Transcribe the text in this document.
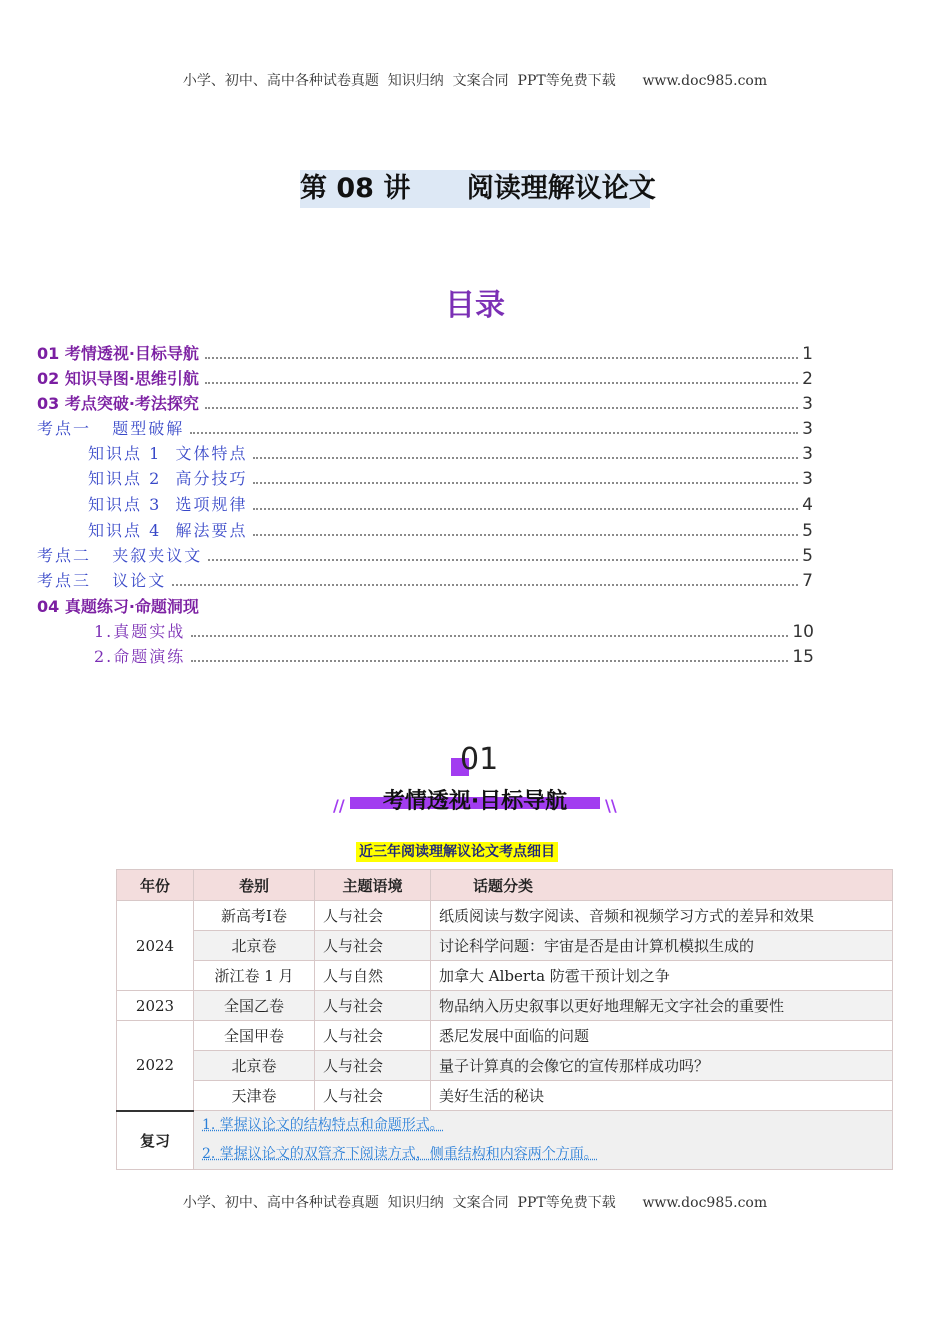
小学、初中、高中各种试卷真题  知识归纳  文案合同  PPT等免费下载      www.doc985.com
第 08 讲      阅读理解议论文
目录
01 考情透视·目标导航	1
02 知识导图·思维引航	2
03 考点突破·考法探究	3
考点一   题型破解	3
知识点 1  文体特点	3
知识点 2  高分技巧	3
知识点 3  选项规律	4
知识点 4  解法要点	5
考点二   夹叙夹议文	5
考点三   议论文	7
04 真题练习·命题洞现
1.真题实战	10
2.命题演练	15
01
//	考情透视·目标导航	\\
近三年阅读理解议论文考点细目
年份	卷别	主题语境	话题分类
2024	新高考Ⅰ卷	人与社会	纸质阅读与数字阅读、音频和视频学习方式的差异和效果
	北京卷	人与社会	讨论科学问题：宇宙是否是由计算机模拟生成的
	浙江卷 1 月	人与自然	加拿大 Alberta 防雹干预计划之争
2023	全国乙卷	人与社会	物品纳入历史叙事以更好地理解无文字社会的重要性
2022	全国甲卷	人与社会	悉尼发展中面临的问题
	北京卷	人与社会	量子计算真的会像它的宣传那样成功吗？
	天津卷	人与社会	美好生活的秘诀
复习	1. 掌握议论文的结构特点和命题形式。
2. 掌握议论文的双管齐下阅读方式，侧重结构和内容两个方面。		
小学、初中、高中各种试卷真题  知识归纳  文案合同  PPT等免费下载      www.doc985.com
